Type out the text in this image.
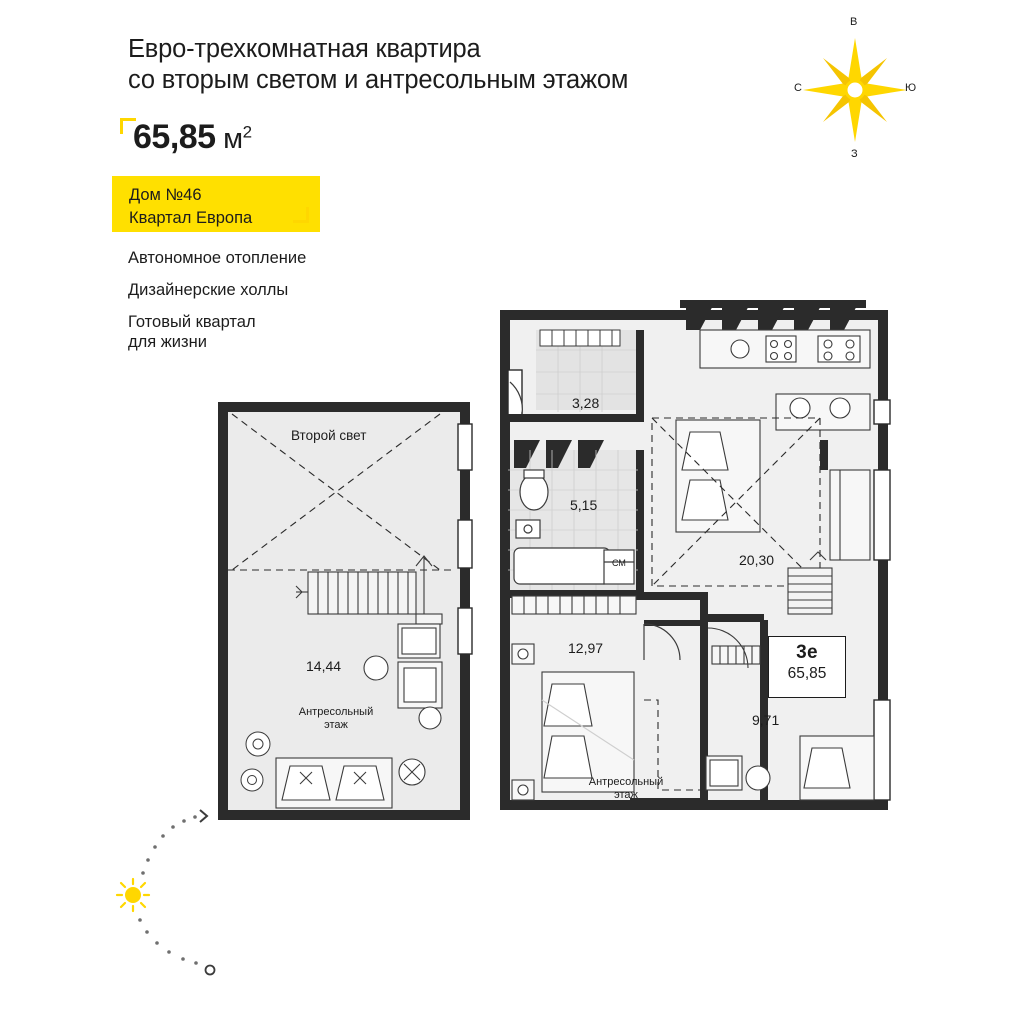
Евро-трехкомнатная квартира
со вторым светом и антресольным этажом
65,85 $м^2$
Дом №46
Квартал Европа
Автономное отопление
Дизайнерские холлы
Готовый квартал
для жизни
В
Ю
С
З
Второй свет
14,44
Антресольный
этаж
3,28
5,15
20,30
12,97
9,71
Антресольный
этаж
СМ
3е
65,85
